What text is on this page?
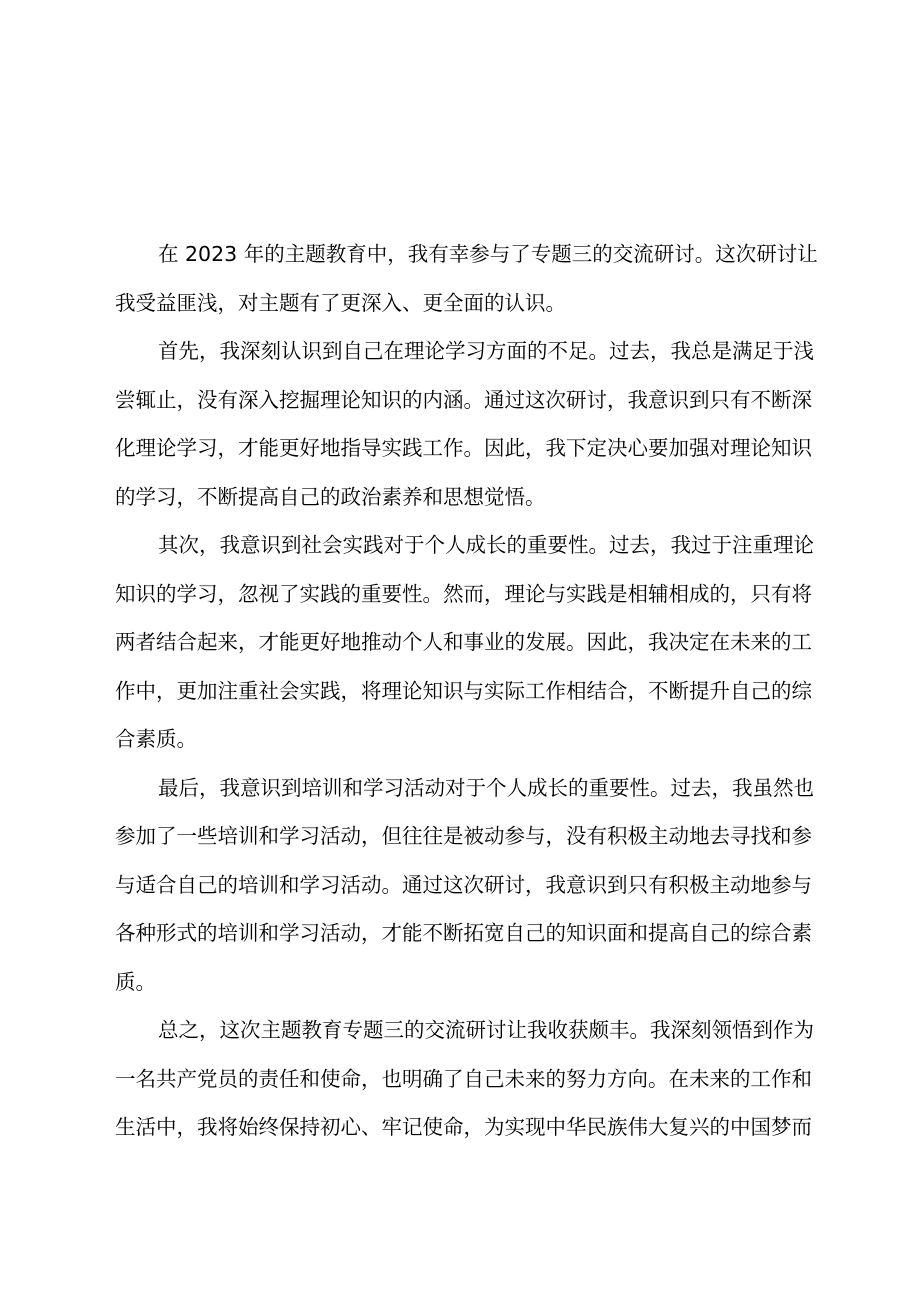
在 2023 年的主题教育中，我有幸参与了专题三的交流研讨。这次研讨让
我受益匪浅，对主题有了更深入、更全面的认识。
首先，我深刻认识到自己在理论学习方面的不足。过去，我总是满足于浅
尝辄止，没有深入挖掘理论知识的内涵。通过这次研讨，我意识到只有不断深
化理论学习，才能更好地指导实践工作。因此，我下定决心要加强对理论知识
的学习，不断提高自己的政治素养和思想觉悟。
其次，我意识到社会实践对于个人成长的重要性。过去，我过于注重理论
知识的学习，忽视了实践的重要性。然而，理论与实践是相辅相成的，只有将
两者结合起来，才能更好地推动个人和事业的发展。因此，我决定在未来的工
作中，更加注重社会实践，将理论知识与实际工作相结合，不断提升自己的综
合素质。
最后，我意识到培训和学习活动对于个人成长的重要性。过去，我虽然也
参加了一些培训和学习活动，但往往是被动参与，没有积极主动地去寻找和参
与适合自己的培训和学习活动。通过这次研讨，我意识到只有积极主动地参与
各种形式的培训和学习活动，才能不断拓宽自己的知识面和提高自己的综合素
质。
总之，这次主题教育专题三的交流研讨让我收获颇丰。我深刻领悟到作为
一名共产党员的责任和使命，也明确了自己未来的努力方向。在未来的工作和
生活中，我将始终保持初心、牢记使命，为实现中华民族伟大复兴的中国梦而
